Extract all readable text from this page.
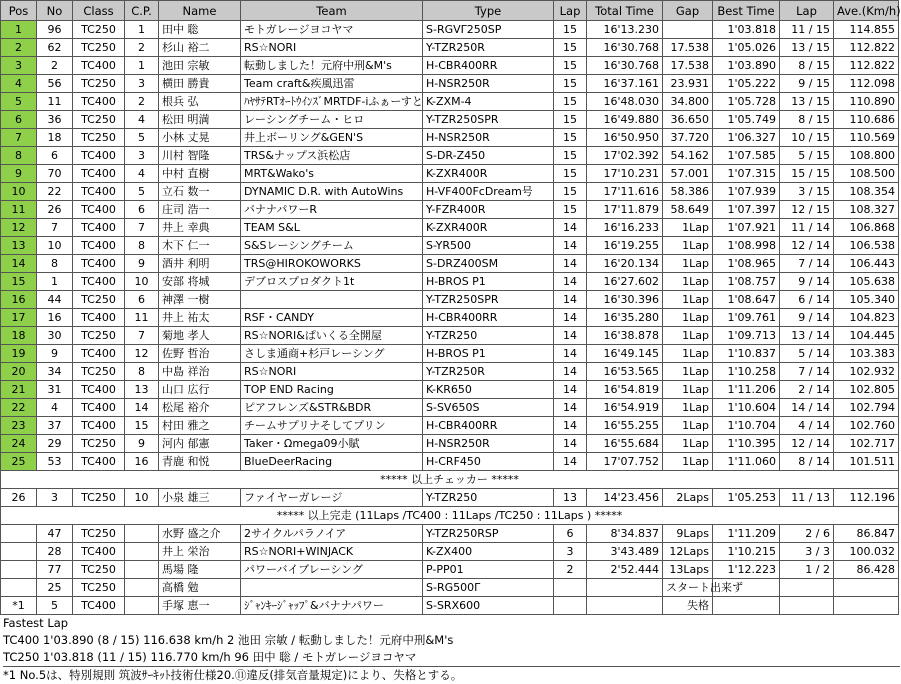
Pos	No	Class	C.P.	Name	Team	Type	Lap	Total Time	Gap	Best Time	Lap	Ave.(Km/h)
1	96	TC250	1	田中 聡	モトガレージヨコヤマ	S-RGVΓ250SP	15	16'13.230		1'03.818	11 / 15	114.855
2	62	TC250	2	杉山 裕二	RS☆NORI	Y-TZR250R	15	16'30.768	17.538	1'05.026	13 / 15	112.822
3	2	TC400	1	池田 宗敏	転動しました！元府中刑&M's	H-CBR400RR	15	16'30.768	17.538	1'03.890	8 / 15	112.822
4	56	TC250	3	横田 勝貴	Team craft&疾風迅雷	H-NSR250R	15	16'37.161	23.931	1'05.222	9 / 15	112.098
5	11	TC400	2	根兵 弘	ﾊﾔｻﾃRTｵｰﾄｳｲﾝｽﾞMRTDF-iふぁーすと	K-ZXM-4	15	16'48.030	34.800	1'05.728	13 / 15	110.890
6	36	TC250	4	松田 明満	レーシングチーム・ヒロ	Y-TZR250SPR	15	16'49.880	36.650	1'05.749	8 / 15	110.686
7	18	TC250	5	小林 丈晃	井上ボーリング&GEN'S	H-NSR250R	15	16'50.950	37.720	1'06.327	10 / 15	110.569
8	6	TC400	3	川村 智隆	TRS&ナップス浜松店	S-DR-Z450	15	17'02.392	54.162	1'07.585	5 / 15	108.800
9	70	TC400	4	中村 直樹	MRT&Wako's	K-ZXR400R	15	17'10.231	57.001	1'07.315	15 / 15	108.500
10	22	TC400	5	立石 数一	DYNAMIC D.R. with AutoWins	H-VF400FcDream号	15	17'11.616	58.386	1'07.939	3 / 15	108.354
11	26	TC400	6	庄司 浩一	バナナパワーR	Y-FZR400R	15	17'11.879	58.649	1'07.397	12 / 15	108.327
12	7	TC400	7	井上 幸典	TEAM S&L	K-ZXR400R	14	16'16.233	1Lap	1'07.921	11 / 14	106.868
13	10	TC400	8	木下 仁一	S&Sレーシングチーム	S-YR500	14	16'19.255	1Lap	1'08.998	12 / 14	106.538
14	8	TC400	9	酒井 利明	TRS@HIROKOWORKS	S-DRZ400SM	14	16'20.134	1Lap	1'08.965	7 / 14	106.443
15	1	TC400	10	安部 将城	デブロスプロダクト1t	H-BROS P1	14	16'27.602	1Lap	1'08.757	9 / 14	105.638
16	44	TC250	6	神澤 一樹		Y-TZR250SPR	14	16'30.396	1Lap	1'08.647	6 / 14	105.340
17	16	TC400	11	井上 祐太	RSF・CANDY	H-CBR400RR	14	16'35.280	1Lap	1'09.761	9 / 14	104.823
18	30	TC250	7	菊地 孝人	RS☆NORI&ぱいくる全開屋	Y-TZR250	14	16'38.878	1Lap	1'09.713	13 / 14	104.445
19	9	TC400	12	佐野 哲治	さしま通商+杉戸レーシング	H-BROS P1	14	16'49.145	1Lap	1'10.837	5 / 14	103.383
20	34	TC250	8	中島 祥治	RS☆NORI	Y-TZR250R	14	16'53.565	1Lap	1'10.258	7 / 14	102.932
21	31	TC400	13	山口 広行	TOP END Racing	K-KR650	14	16'54.819	1Lap	1'11.206	2 / 14	102.805
22	4	TC400	14	松尾 裕介	ピアフレンズ&STR&BDR	S-SV650S	14	16'54.919	1Lap	1'10.604	14 / 14	102.794
23	37	TC400	15	村田 雅之	チームサプリナそしてプリン	H-CBR400RR	14	16'55.255	1Lap	1'10.704	4 / 14	102.760
24	29	TC250	9	河内 郁憲	Taker・Ωmega09小賦	H-NSR250R	14	16'55.684	1Lap	1'10.395	12 / 14	102.717
25	53	TC400	16	青鹿 和悦	BlueDeerRacing	H-CRF450	14	17'07.752	1Lap	1'11.060	8 / 14	101.511
***** 以上チェッカー *****												
26	3	TC250	10	小泉 雄三	ファイヤーガレージ	Y-TZR250	13	14'23.456	2Laps	1'05.253	11 / 13	112.196
***** 以上完走 (11Laps /TC400 : 11Laps /TC250 : 11Laps ) *****												
	47	TC250		水野 盛之介	2サイクルパラノイア	Y-TZR250RSP	6	8'34.837	9Laps	1'11.209	2 / 6	86.847
	28	TC400		井上 栄治	RS☆NORI+WINJACK	K-ZX400	3	3'43.489	12Laps	1'10.215	3 / 3	100.032
	77	TC250		馬場 隆	パワーバイブレーシング	P-PP01	2	2'52.444	13Laps	1'12.223	1 / 2	86.428
	25	TC250		高橋 勉		S-RG500Γ			スタート出来ず			
*1	5	TC400		手塚 恵一	ｼﾞｬﾝｷｰｼﾞｬｯﾌﾟ&バナナパワー	S-SRX600			失格			
Fastest Lap
TC400 1'03.890 (8 / 15) 116.638 km/h 2 池田 宗敏 / 転動しました！元府中刑&M's
TC250 1'03.818 (11 / 15) 116.770 km/h 96 田中 聡 / モトガレージヨコヤマ
*1 No.5は、特別規則 筑波ｻｰｷｯﾄ技術仕様20.⑪違反(排気音量規定)により、失格とする。
